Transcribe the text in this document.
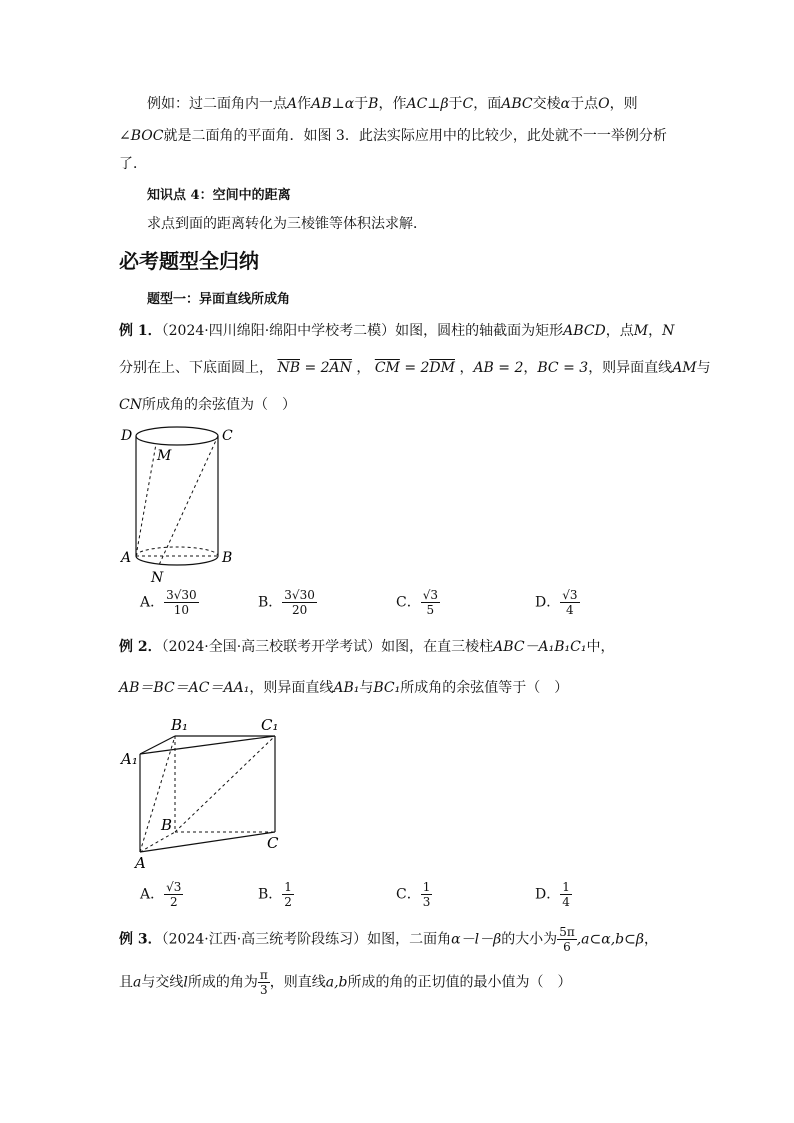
例如：过二面角内一点A作AB⊥α于B，作AC⊥β于C，面ABC交棱α于点O，则
∠BOC就是二面角的平面角．如图 3．此法实际应用中的比较少，此处就不一一举例分析
了．
知识点 4：空间中的距离
求点到面的距离转化为三棱锥等体积法求解．
必考题型全归纳
题型一：异面直线所成角
例 1．（2024·四川绵阳·绵阳中学校考二模）如图，圆柱的轴截面为矩形ABCD，点M，N
分别在上、下底面圆上， $\overline{NB} = 2\overline{AN}$ ， $\overline{CM} = 2\overline{DM}$ ，AB = 2，BC = 3，则异面直线AM与
CN所成角的余弦值为（　）
D	C
M
A	B
N
A． $\frac{3√30}{10}$	B． $\frac{3√30}{20}$	C． $\frac{√3}{5}$	D． $\frac{√3}{4}$
例 2．（2024·全国·高三校联考开学考试）如图，在直三棱柱ABC－A₁B₁C₁中，
AB＝BC＝AC＝AA₁，则异面直线AB₁与BC₁所成角的余弦值等于（　）
B₁	C₁
A₁
B
C
A
A． $\frac{√3}{2}$	B． $\frac{1}{2}$	C． $\frac{1}{3}$	D． $\frac{1}{4}$
例 3．（2024·江西·高三统考阶段练习）如图，二面角α－l－β的大小为 $\frac{5\pi}{6}$ ,a⊂α,b⊂β，
且a与交线l所成的角为 $\frac{\pi}{3}$ ，则直线a,b所成的角的正切值的最小值为（　）
